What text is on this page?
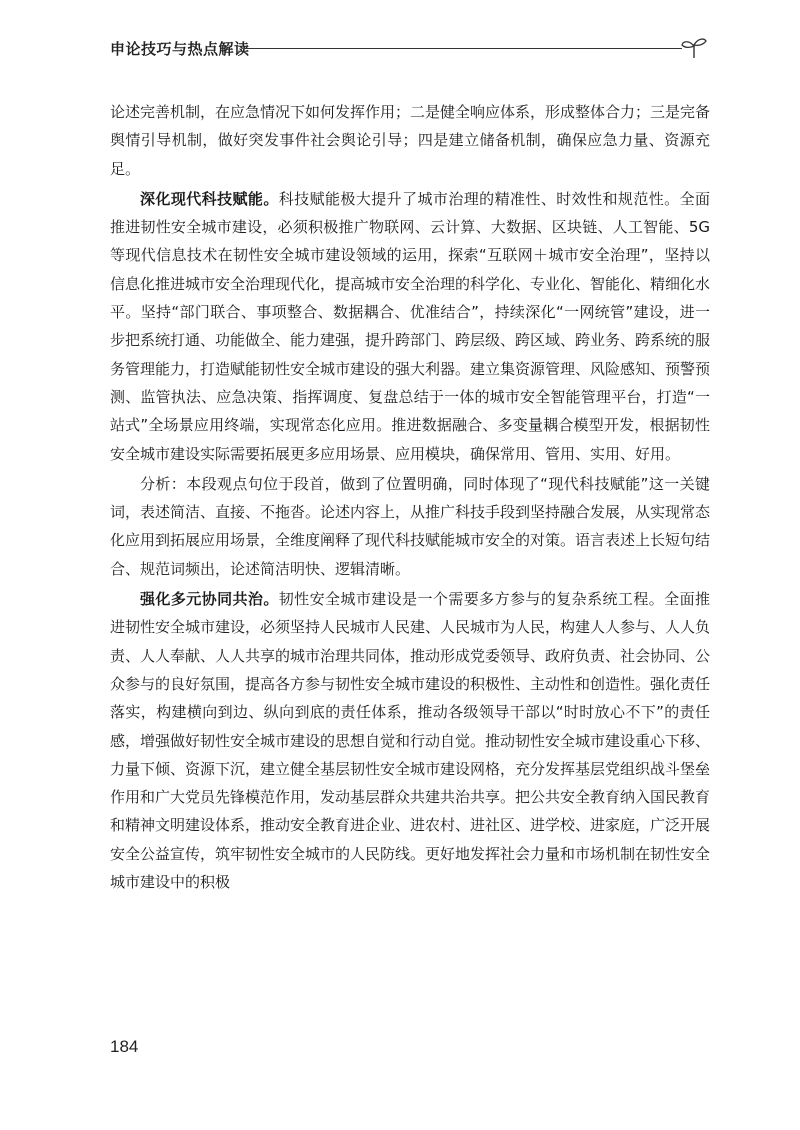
申论技巧与热点解读

论述完善机制，在应急情况下如何发挥作用；二是健全响应体系，形成整体合力；三是完备舆情引导机制，做好突发事件社会舆论引导；四是建立储备机制，确保应急力量、资源充足。

深化现代科技赋能。科技赋能极大提升了城市治理的精准性、时效性和规范性。全面推进韧性安全城市建设，必须积极推广物联网、云计算、大数据、区块链、人工智能、5G等现代信息技术在韧性安全城市建设领域的运用，探索“互联网＋城市安全治理”，坚持以信息化推进城市安全治理现代化，提高城市安全治理的科学化、专业化、智能化、精细化水平。坚持“部门联合、事项整合、数据耦合、优准结合”，持续深化“一网统管”建设，进一步把系统打通、功能做全、能力建强，提升跨部门、跨层级、跨区域、跨业务、跨系统的服务管理能力，打造赋能韧性安全城市建设的强大利器。建立集资源管理、风险感知、预警预测、监管执法、应急决策、指挥调度、复盘总结于一体的城市安全智能管理平台，打造“一站式”全场景应用终端，实现常态化应用。推进数据融合、多变量耦合模型开发，根据韧性安全城市建设实际需要拓展更多应用场景、应用模块，确保常用、管用、实用、好用。

分析：本段观点句位于段首，做到了位置明确，同时体现了“现代科技赋能”这一关键词，表述简洁、直接、不拖沓。论述内容上，从推广科技手段到坚持融合发展，从实现常态化应用到拓展应用场景，全维度阐释了现代科技赋能城市安全的对策。语言表述上长短句结合、规范词频出，论述简洁明快、逻辑清晰。

强化多元协同共治。韧性安全城市建设是一个需要多方参与的复杂系统工程。全面推进韧性安全城市建设，必须坚持人民城市人民建、人民城市为人民，构建人人参与、人人负责、人人奉献、人人共享的城市治理共同体，推动形成党委领导、政府负责、社会协同、公众参与的良好氛围，提高各方参与韧性安全城市建设的积极性、主动性和创造性。强化责任落实，构建横向到边、纵向到底的责任体系，推动各级领导干部以“时时放心不下”的责任感，增强做好韧性安全城市建设的思想自觉和行动自觉。推动韧性安全城市建设重心下移、力量下倾、资源下沉，建立健全基层韧性安全城市建设网格，充分发挥基层党组织战斗堡垒作用和广大党员先锋模范作用，发动基层群众共建共治共享。把公共安全教育纳入国民教育和精神文明建设体系，推动安全教育进企业、进农村、进社区、进学校、进家庭，广泛开展安全公益宣传，筑牢韧性安全城市的人民防线。更好地发挥社会力量和市场机制在韧性安全城市建设中的积极

184
